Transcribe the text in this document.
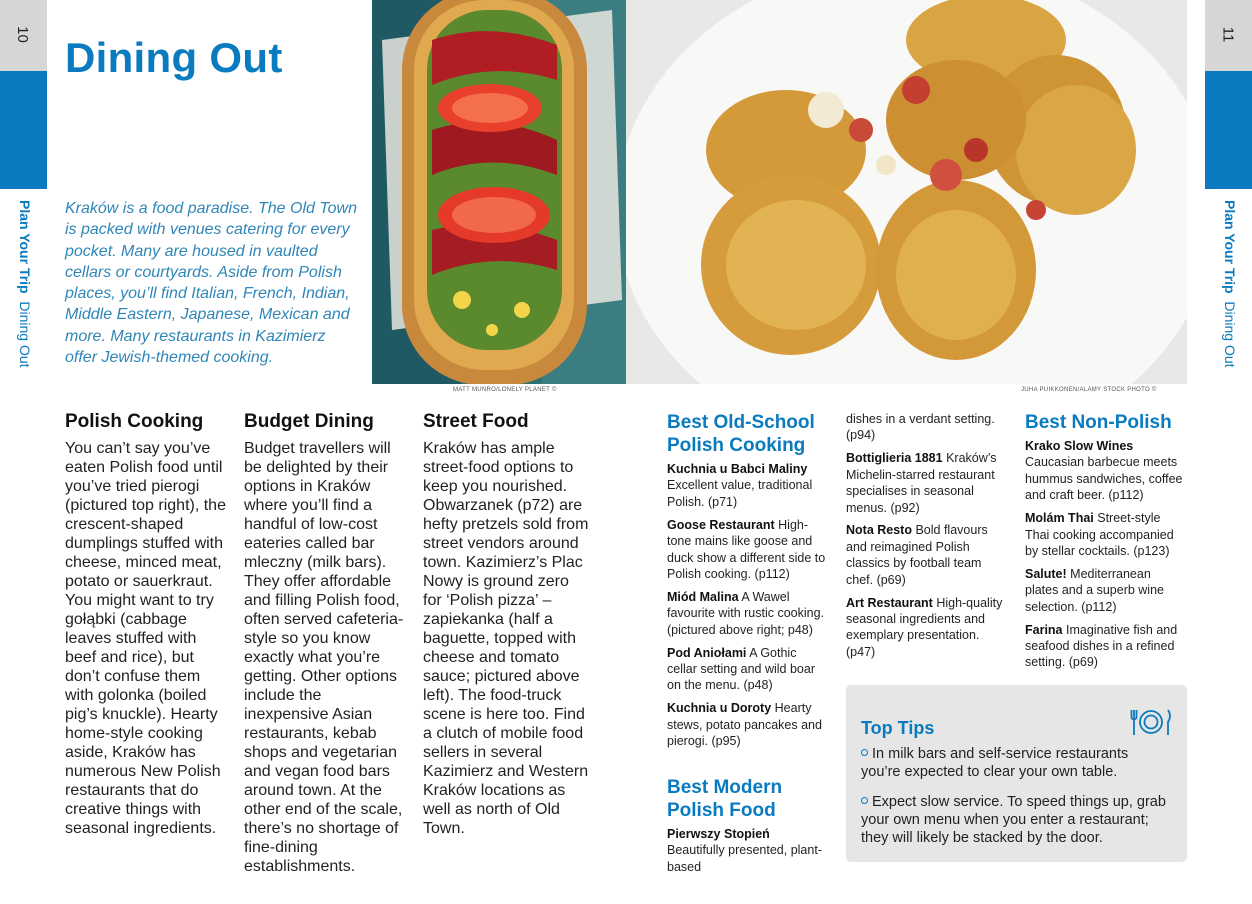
10
Plan Your Trip  Dining Out
11
Plan Your Trip  Dining Out
Dining Out
Kraków is a food paradise. The Old Town is packed with venues catering for every pocket. Many are housed in vaulted cellars or courtyards. Aside from Polish places, you’ll find Italian, French, Indian, Middle Eastern, Japanese, Mexican and more. Many restaurants in Kazimierz offer Jewish-themed cooking.
MATT MUNRO/LONELY PLANET ©	JUHA PUIKKONEN/ALAMY STOCK PHOTO ©
Polish Cooking
You can’t say you’ve eaten Polish food until you’ve tried pierogi (pictured top right), the crescent-shaped dumplings stuffed with cheese, minced meat, potato or sauerkraut. You might want to try gołąbki (cabbage leaves stuffed with beef and rice), but don’t confuse them with golonka (boiled pig’s knuckle). Hearty home-style cooking aside, Kraków has numerous New Polish restaurants that do creative things with seasonal ingredients.
Budget Dining
Budget travellers will be delighted by their options in Kraków where you’ll find a handful of low-cost eateries called bar mleczny (milk bars). They offer affordable and filling Polish food, often served cafeteria-style so you know exactly what you’re getting. Other options include the inexpensive Asian restaurants, kebab shops and vegetarian and vegan food bars around town. At the other end of the scale, there’s no shortage of fine-dining establishments.
Street Food
Kraków has ample street-food options to keep you nourished. Obwarzanek (p72) are hefty pretzels sold from street vendors around town. Kazimierz’s Plac Nowy is ground zero for ‘Polish pizza’ – zapiekanka (half a baguette, topped with cheese and tomato sauce; pictured above left). The food-truck scene is here too. Find a clutch of mobile food sellers in several Kazimierz and Western Kraków locations as well as north of Old Town.
Best Old-School Polish Cooking
Kuchnia u Babci Maliny Excellent value, traditional Polish. (p71)
Goose Restaurant High-tone mains like goose and duck show a different side to Polish cooking. (p112)
Miód Malina A Wawel favourite with rustic cooking. (pictured above right; p48)
Pod Aniołami A Gothic cellar setting and wild boar on the menu. (p48)
Kuchnia u Doroty Hearty stews, potato pancakes and pierogi. (p95)
Best Modern Polish Food
Pierwszy Stopień Beautifully presented, plant-based
dishes in a verdant setting. (p94)
Bottiglieria 1881 Kraków’s Michelin-starred restaurant specialises in seasonal menus. (p92)
Nota Resto Bold flavours and reimagined Polish classics by football team chef. (p69)
Art Restaurant High-quality seasonal ingredients and exemplary presentation. (p47)
Best Non-Polish
Krako Slow Wines Caucasian barbecue meets hummus sandwiches, coffee and craft beer. (p112)
Molám Thai Street-style Thai cooking accompanied by stellar cocktails. (p123)
Salute! Mediterranean plates and a superb wine selection. (p112)
Farina Imaginative fish and seafood dishes in a refined setting. (p69)
Top Tips
In milk bars and self-service restaurants you’re expected to clear your own table.
Expect slow service. To speed things up, grab your own menu when you enter a restaurant; they will likely be stacked by the door.
